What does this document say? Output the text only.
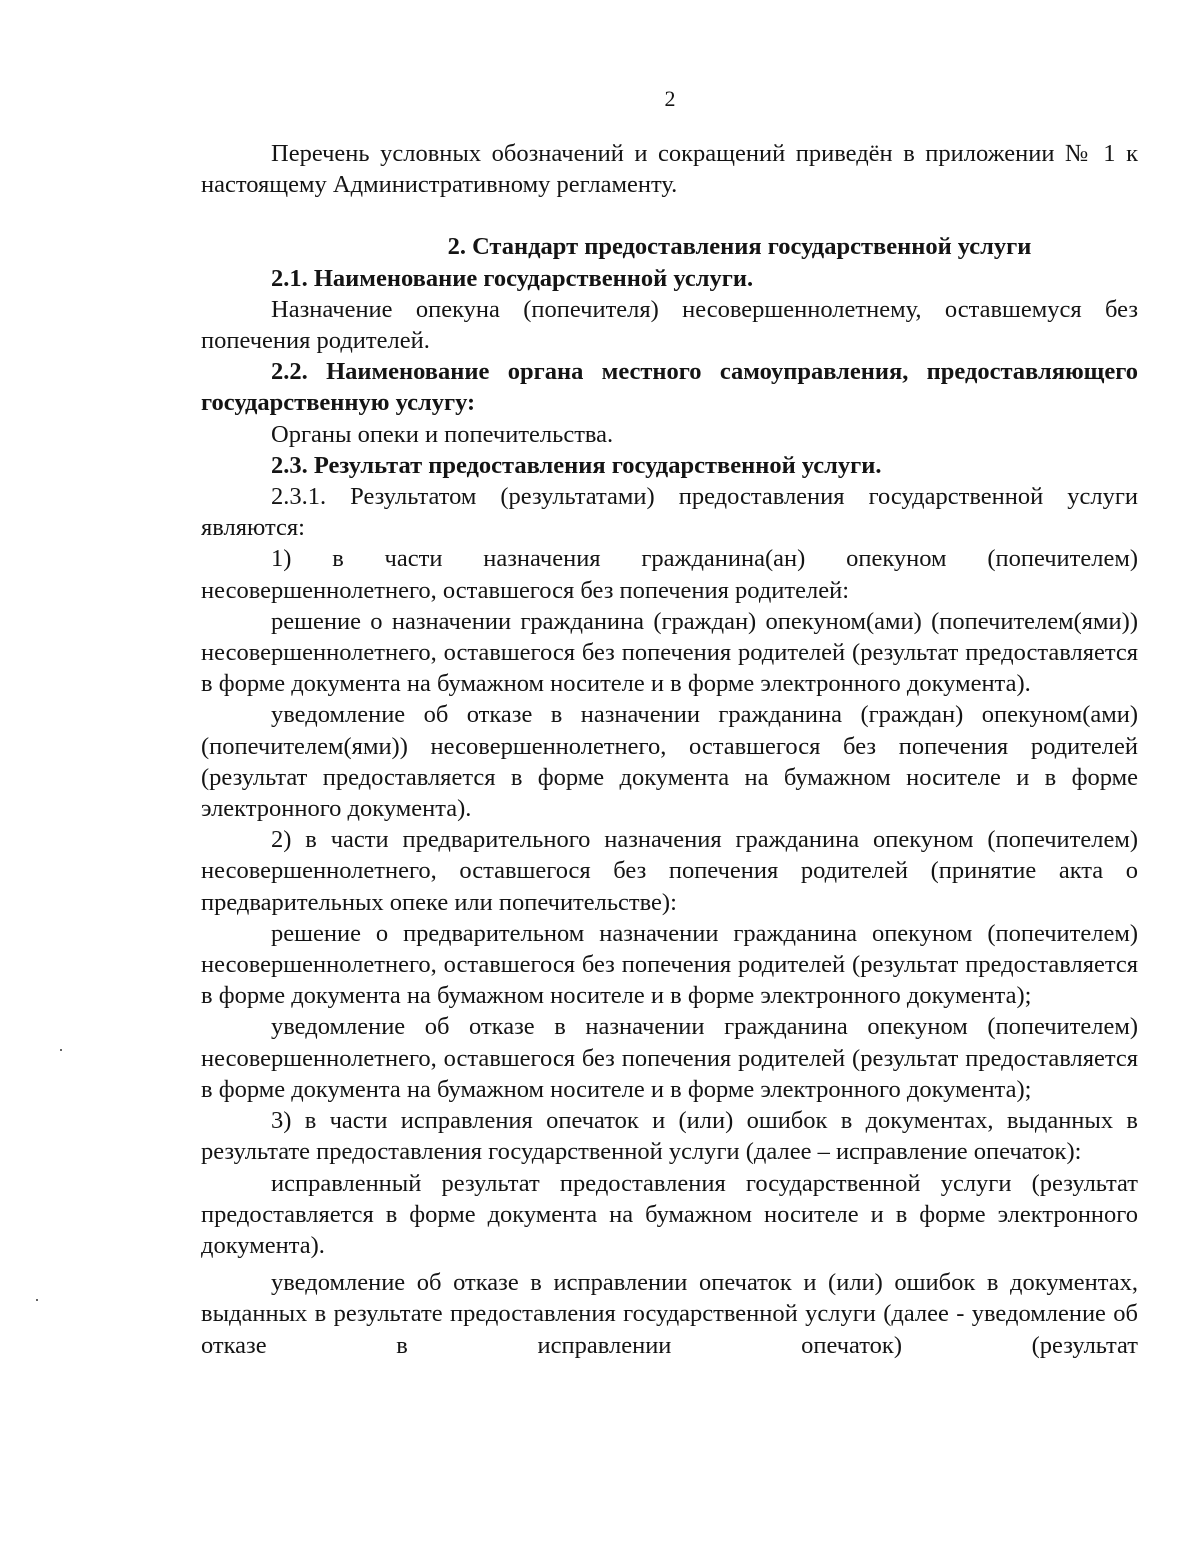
2

Перечень условных обозначений и сокращений приведён в приложении № 1 к настоящему Административному регламенту.

2. Стандарт предоставления государственной услуги

2.1. Наименование государственной услуги.

Назначение опекуна (попечителя) несовершеннолетнему, оставшемуся без попечения родителей.

2.2. Наименование органа местного самоуправления, предоставляющего государственную услугу:

Органы опеки и попечительства.

2.3. Результат предоставления государственной услуги.

2.3.1. Результатом (результатами) предоставления государственной услуги являются:

1) в части назначения гражданина(ан) опекуном (попечителем) несовершеннолетнего, оставшегося без попечения родителей:

решение о назначении гражданина (граждан) опекуном(ами) (попечителем(ями)) несовершеннолетнего, оставшегося без попечения родителей (результат предоставляется в форме документа на бумажном носителе и в форме электронного документа).

уведомление об отказе в назначении гражданина (граждан) опекуном(ами) (попечителем(ями)) несовершеннолетнего, оставшегося без попечения родителей (результат предоставляется в форме документа на бумажном носителе и в форме электронного документа).

2) в части предварительного назначения гражданина опекуном (попечителем) несовершеннолетнего, оставшегося без попечения родителей (принятие акта о предварительных опеке или попечительстве):

решение о предварительном назначении гражданина опекуном (попечителем) несовершеннолетнего, оставшегося без попечения родителей (результат предоставляется в форме документа на бумажном носителе и в форме электронного документа);

уведомление об отказе в назначении гражданина опекуном (попечителем) несовершеннолетнего, оставшегося без попечения родителей (результат предоставляется в форме документа на бумажном носителе и в форме электронного документа);

3) в части исправления опечаток и (или) ошибок в документах, выданных в результате предоставления государственной услуги (далее – исправление опечаток):

исправленный результат предоставления государственной услуги (результат предоставляется в форме документа на бумажном носителе и в форме электронного документа).

уведомление об отказе в исправлении опечаток и (или) ошибок в документах, выданных в результате предоставления государственной услуги (далее - уведомление об отказе в исправлении опечаток) (результат
